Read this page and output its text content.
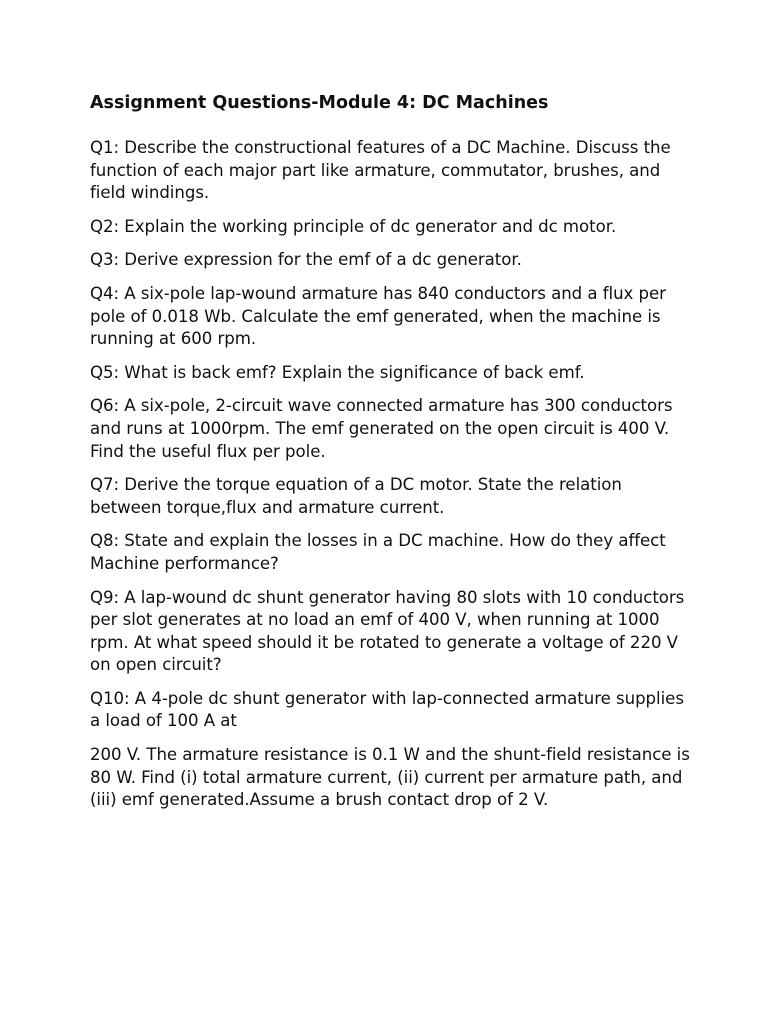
Assignment Questions-Module 4: DC Machines

Q1: Describe the constructional features of a DC Machine. Discuss the function of each major part like armature, commutator, brushes, and field windings.

Q2: Explain the working principle of dc generator and dc motor.

Q3: Derive expression for the emf of a dc generator.

Q4: A six-pole lap-wound armature has 840 conductors and a flux per pole of 0.018 Wb. Calculate the emf generated, when the machine is running at 600 rpm.

Q5: What is back emf? Explain the significance of back emf.

Q6: A six-pole, 2-circuit wave connected armature has 300 conductors and runs at 1000rpm. The emf generated on the open circuit is 400 V. Find the useful flux per pole.

Q7: Derive the torque equation of a DC motor. State the relation between torque,flux and armature current.

Q8: State and explain the losses in a DC machine. How do they affect Machine performance?

Q9: A lap-wound dc shunt generator having 80 slots with 10 conductors per slot generates at no load an emf of 400 V, when running at 1000 rpm. At what speed should it be rotated to generate a voltage of 220 V on open circuit?

Q10: A 4-pole dc shunt generator with lap-connected armature supplies a load of 100 A at

200 V. The armature resistance is 0.1 W and the shunt-field resistance is 80 W. Find (i) total armature current, (ii) current per armature path, and (iii) emf generated.Assume a brush contact drop of 2 V.
